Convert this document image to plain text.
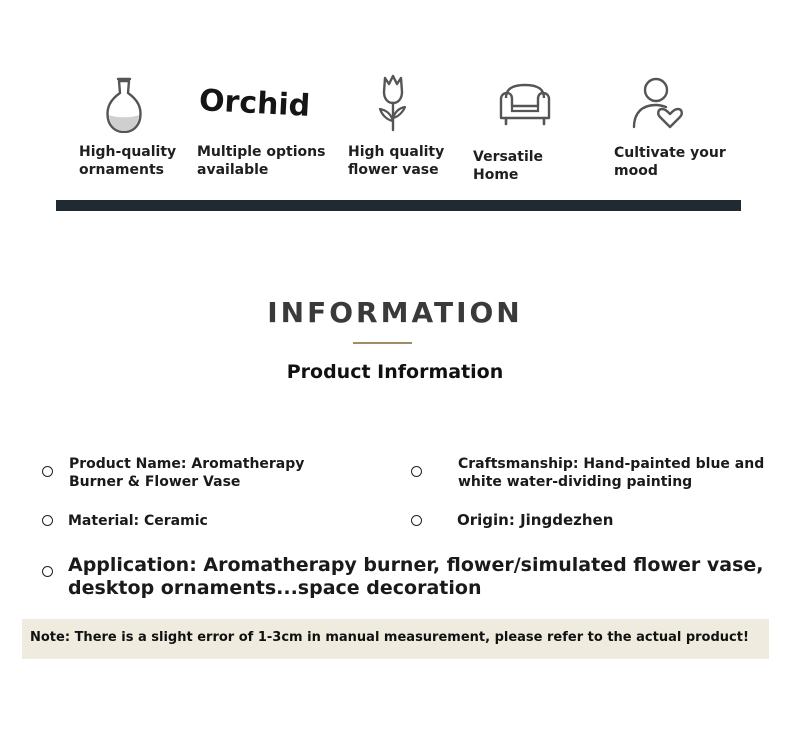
High-quality
ornaments
Orchid
Multiple options
available
High quality
flower vase
Versatile Home
Cultivate your
mood
INFORMATION
Product Information
Product Name: Aromatherapy
Burner & Flower Vase
Craftsmanship: Hand-painted blue and
white water-dividing painting
Material: Ceramic	Origin: Jingdezhen
Application: Aromatherapy burner, flower/simulated flower vase,
desktop ornaments...space decoration
Note: There is a slight error of 1-3cm in manual measurement, please refer to the actual product!
